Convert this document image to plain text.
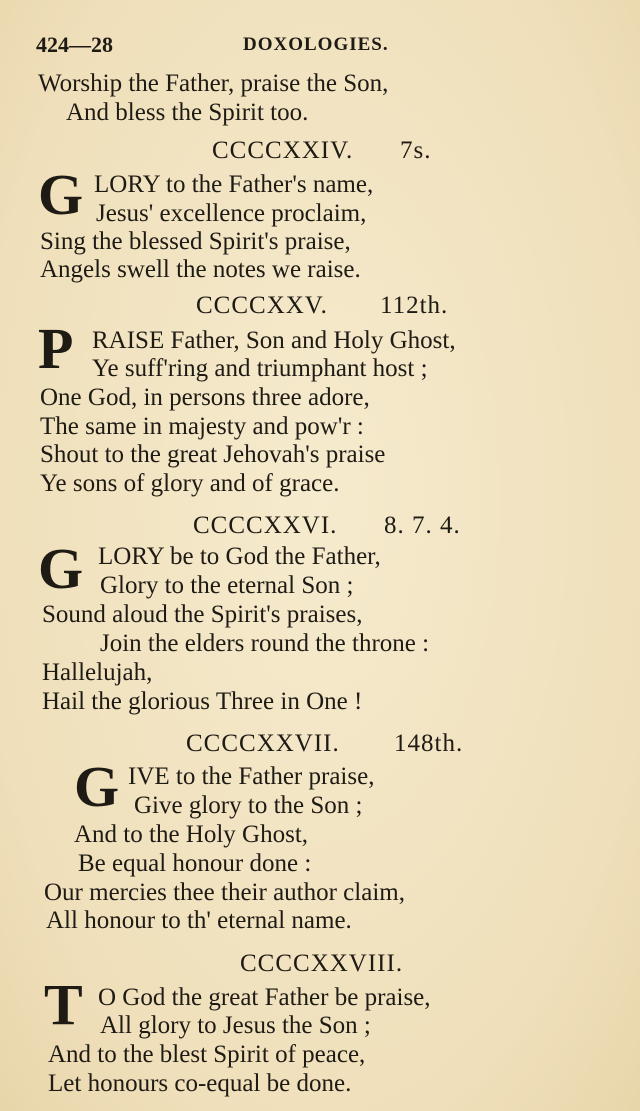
424—28	DOXOLOGIES.
Worship the Father, praise the Son,
And bless the Spirit too.
CCCCXXIV. 7s.
G LORY to the Father's name,
Jesus' excellence proclaim,
Sing the blessed Spirit's praise,
Angels swell the notes we raise.
CCCCXXV. 112th.
P RAISE Father, Son and Holy Ghost,
Ye suff'ring and triumphant host ;
One God, in persons three adore,
The same in majesty and pow'r :
Shout to the great Jehovah's praise
Ye sons of glory and of grace.
CCCCXXVI. 8. 7. 4.
G LORY be to God the Father,
Glory to the eternal Son ;
Sound aloud the Spirit's praises,
Join the elders round the throne :
Hallelujah,
Hail the glorious Three in One !
CCCCXXVII. 148th.
G IVE to the Father praise,
Give glory to the Son ;
And to the Holy Ghost,
Be equal honour done :
Our mercies thee their author claim,
All honour to th' eternal name.
CCCCXXVIII.
T O God the great Father be praise,
All glory to Jesus the Son ;
And to the blest Spirit of peace,
Let honours co-equal be done.
